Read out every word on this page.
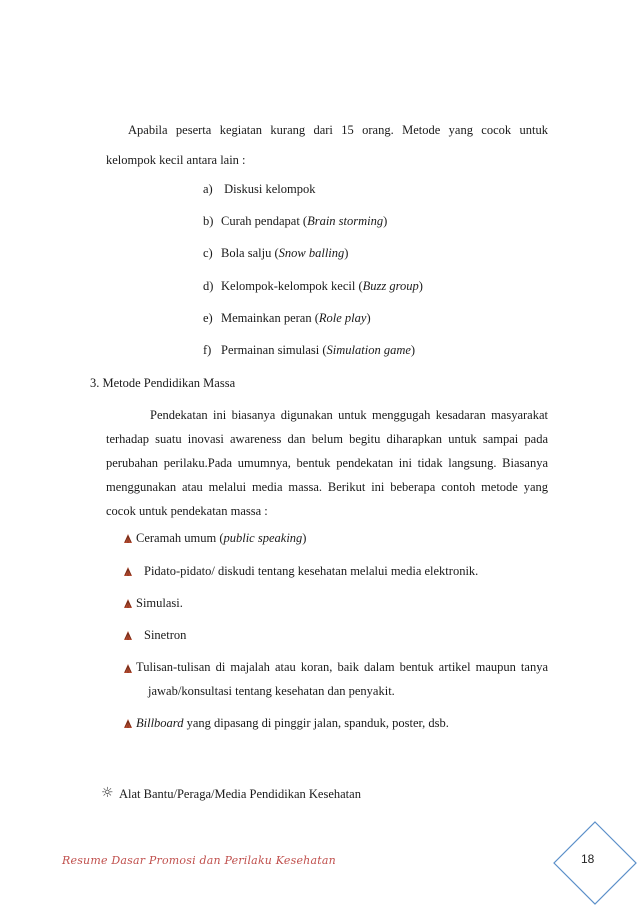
Apabila peserta kegiatan kurang dari 15 orang. Metode yang cocok untuk
kelompok kecil antara lain :
a) Diskusi kelompok
b) Curah pendapat (Brain storming)
c) Bola salju (Snow balling)
d) Kelompok-kelompok kecil (Buzz group)
e) Memainkan peran (Role play)
f) Permainan simulasi (Simulation game)
3. Metode Pendidikan Massa
Pendekatan ini biasanya digunakan untuk menggugah kesadaran masyarakat
terhadap suatu inovasi awareness dan belum begitu diharapkan untuk sampai pada
perubahan perilaku.Pada umumnya, bentuk pendekatan ini tidak langsung. Biasanya
menggunakan atau melalui media massa. Berikut ini beberapa contoh metode yang
cocok untuk pendekatan massa :
Ceramah umum (public speaking)
Pidato-pidato/ diskudi tentang kesehatan melalui media elektronik.
Simulasi.
Sinetron
Tulisan-tulisan di majalah atau koran, baik dalam bentuk artikel maupun tanya
jawab/konsultasi tentang kesehatan dan penyakit.
Billboard yang dipasang di pinggir jalan, spanduk, poster, dsb.
☼ Alat Bantu/Peraga/Media Pendidikan Kesehatan
Resume Dasar Promosi dan Perilaku Kesehatan	18
